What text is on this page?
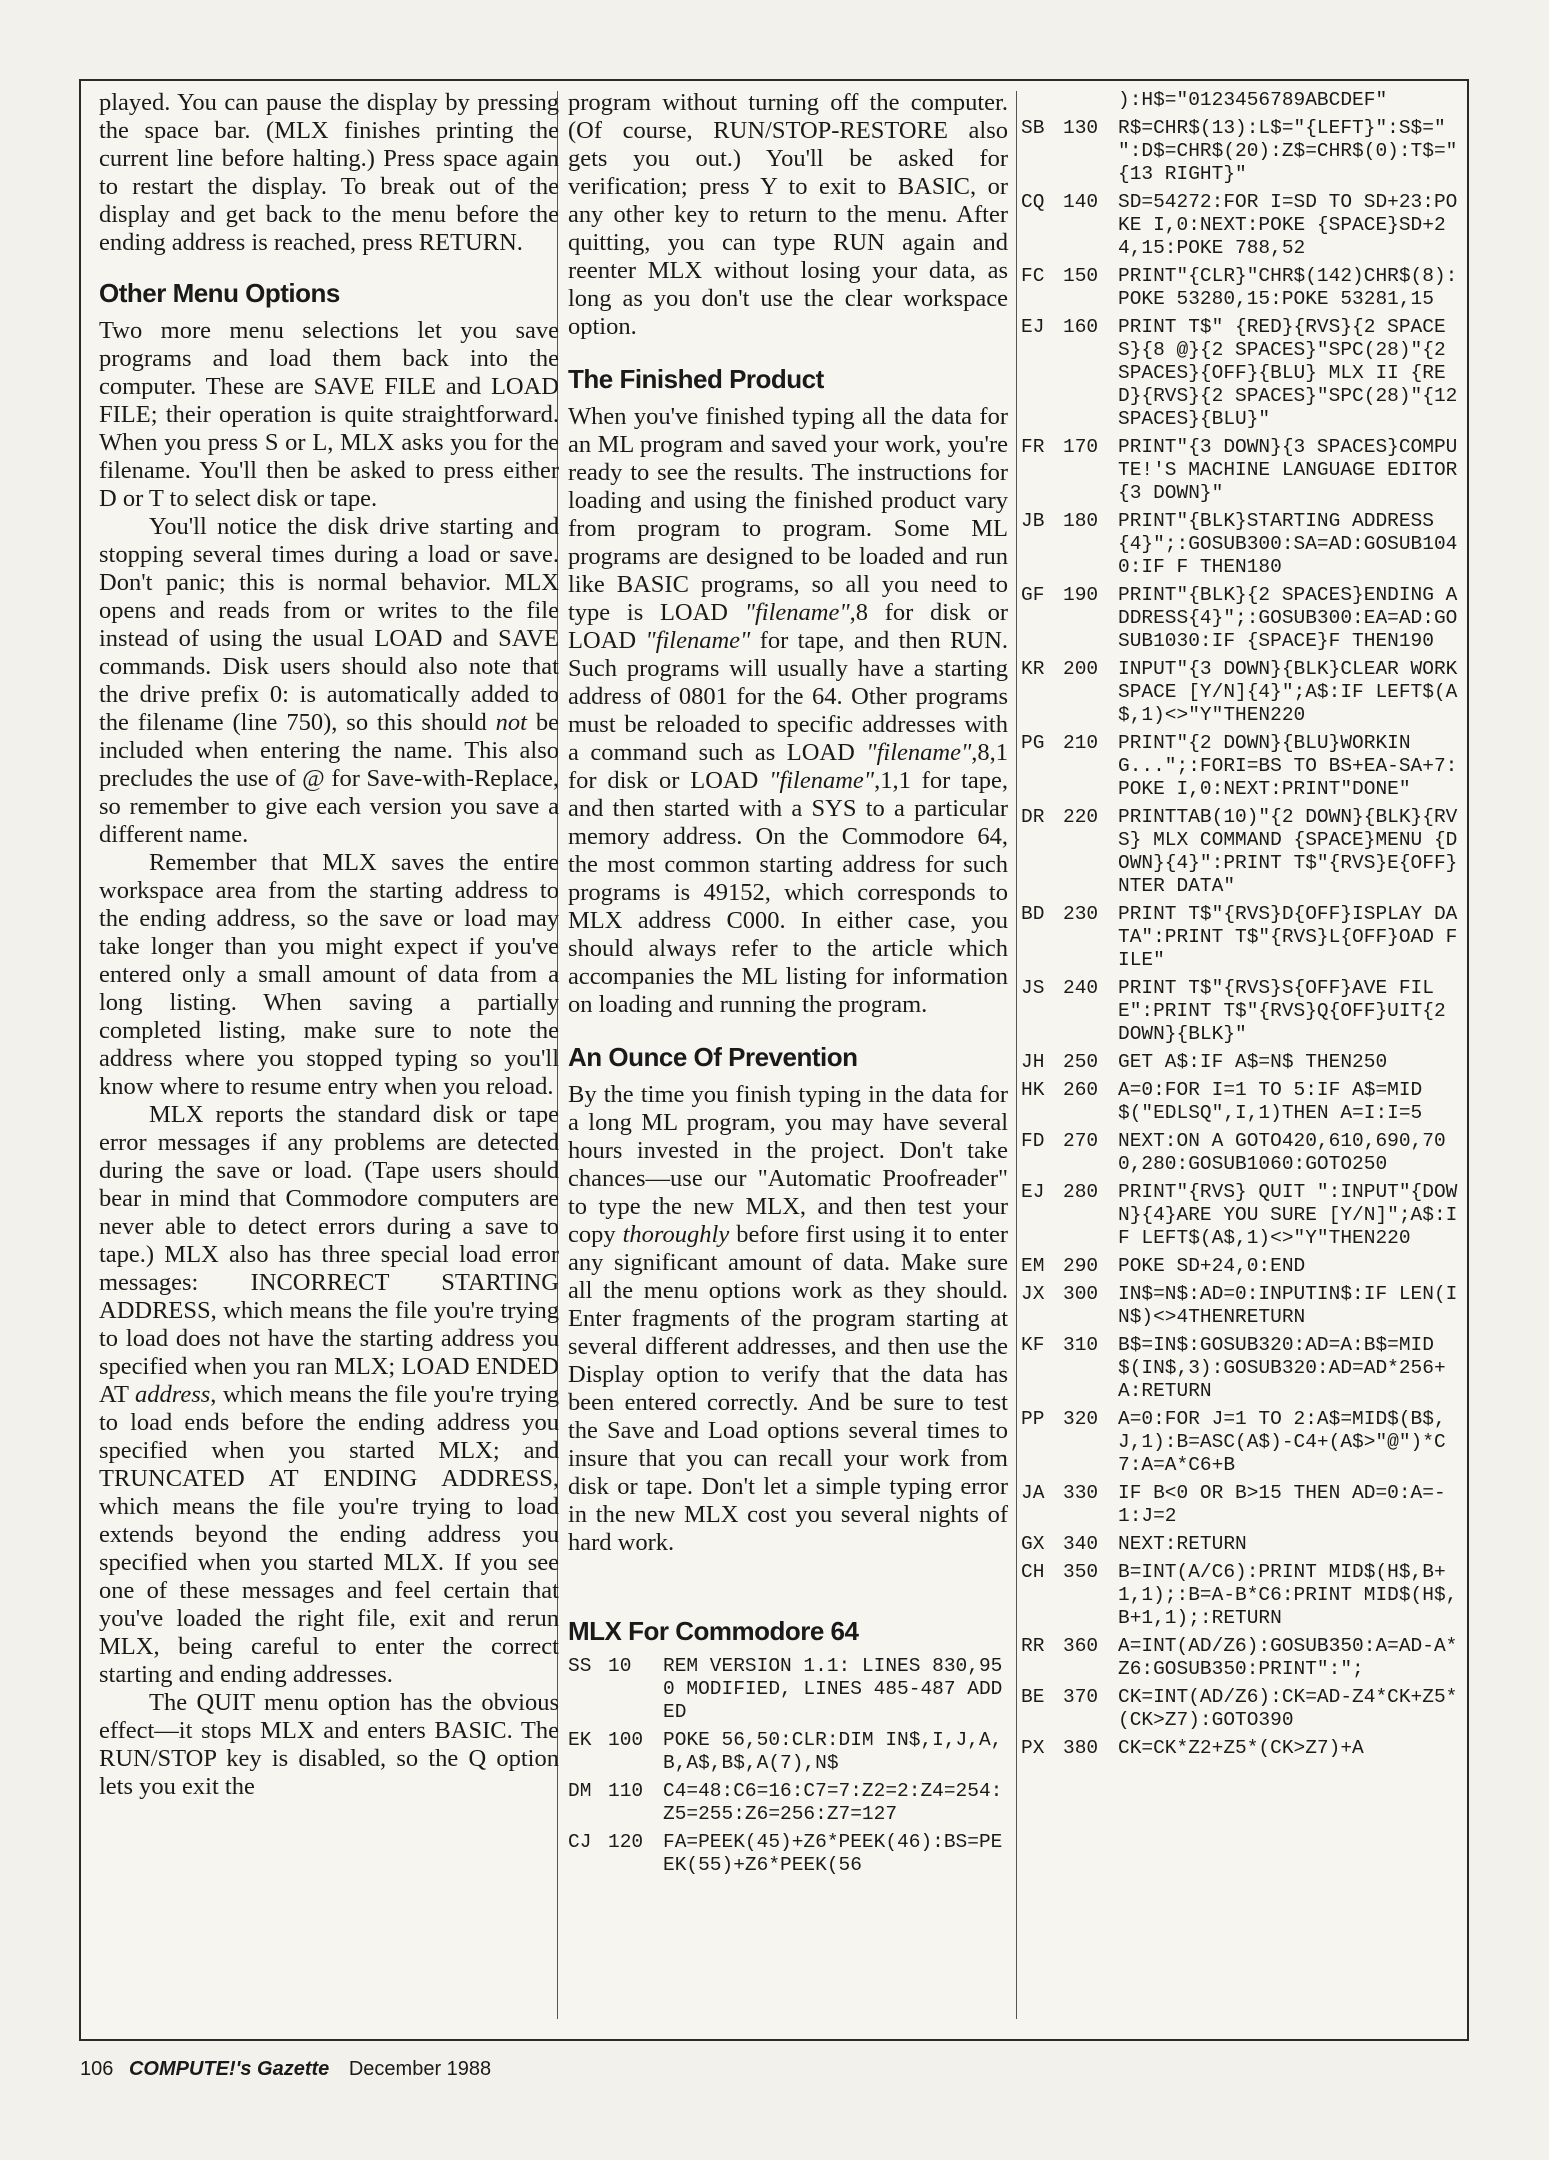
played. You can pause the display by pressing the space bar. (MLX finishes printing the current line before halting.) Press space again to restart the display. To break out of the display and get back to the menu before the ending address is reached, press RETURN.

Other Menu Options

Two more menu selections let you save programs and load them back into the computer. These are SAVE FILE and LOAD FILE; their operation is quite straightforward. When you press S or L, MLX asks you for the filename. You'll then be asked to press either D or T to select disk or tape.

You'll notice the disk drive starting and stopping several times during a load or save. Don't panic; this is normal behavior. MLX opens and reads from or writes to the file instead of using the usual LOAD and SAVE commands. Disk users should also note that the drive prefix 0: is automatically added to the filename (line 750), so this should not be included when entering the name. This also precludes the use of @ for Save-with-Replace, so remember to give each version you save a different name.

Remember that MLX saves the entire workspace area from the starting address to the ending address, so the save or load may take longer than you might expect if you've entered only a small amount of data from a long listing. When saving a partially completed listing, make sure to note the address where you stopped typing so you'll know where to resume entry when you reload.

MLX reports the standard disk or tape error messages if any problems are detected during the save or load. (Tape users should bear in mind that Commodore computers are never able to detect errors during a save to tape.) MLX also has three special load error messages: INCORRECT STARTING ADDRESS, which means the file you're trying to load does not have the starting address you specified when you ran MLX; LOAD ENDED AT address, which means the file you're trying to load ends before the ending address you specified when you started MLX; and TRUNCATED AT ENDING ADDRESS, which means the file you're trying to load extends beyond the ending address you specified when you started MLX. If you see one of these messages and feel certain that you've loaded the right file, exit and rerun MLX, being careful to enter the correct starting and ending addresses.

The QUIT menu option has the obvious effect—it stops MLX and enters BASIC. The RUN/STOP key is disabled, so the Q option lets you exit the

program without turning off the computer. (Of course, RUN/STOP-RESTORE also gets you out.) You'll be asked for verification; press Y to exit to BASIC, or any other key to return to the menu. After quitting, you can type RUN again and reenter MLX without losing your data, as long as you don't use the clear workspace option.

The Finished Product

When you've finished typing all the data for an ML program and saved your work, you're ready to see the results. The instructions for loading and using the finished product vary from program to program. Some ML programs are designed to be loaded and run like BASIC programs, so all you need to type is LOAD "filename",8 for disk or LOAD "filename" for tape, and then RUN. Such programs will usually have a starting address of 0801 for the 64. Other programs must be reloaded to specific addresses with a command such as LOAD "filename",8,1 for disk or LOAD "filename",1,1 for tape, and then started with a SYS to a particular memory address. On the Commodore 64, the most common starting address for such programs is 49152, which corresponds to MLX address C000. In either case, you should always refer to the article which accompanies the ML listing for information on loading and running the program.

An Ounce Of Prevention

By the time you finish typing in the data for a long ML program, you may have several hours invested in the project. Don't take chances—use our "Automatic Proofreader" to type the new MLX, and then test your copy thoroughly before first using it to enter any significant amount of data. Make sure all the menu options work as they should. Enter fragments of the program starting at several different addresses, and then use the Display option to verify that the data has been entered correctly. And be sure to test the Save and Load options several times to insure that you can recall your work from disk or tape. Don't let a simple typing error in the new MLX cost you several nights of hard work.

MLX For Commodore 64
SS 10	REM VERSION 1.1: LINES 830,950 MODIFIED, LINES 485-487 ADDED
EK 100	POKE 56,50:CLR:DIM IN$,I,J,A,B,A$,B$,A(7),N$
DM 110	C4=48:C6=16:C7=7:Z2=2:Z4=254:Z5=255:Z6=256:Z7=127
CJ 120	FA=PEEK(45)+Z6*PEEK(46):BS=PEEK(55)+Z6*PEEK(56
):H$="0123456789ABCDEF"
SB 130	R$=CHR$(13):L$="{LEFT}":S$=" ":D$=CHR$(20):Z$=CHR$(0):T$="{13 RIGHT}"
CQ 140	SD=54272:FOR I=SD TO SD+23:POKE I,0:NEXT:POKE {SPACE}SD+24,15:POKE 788,52
FC 150	PRINT"{CLR}"CHR$(142)CHR$(8):POKE 53280,15:POKE 53281,15
EJ 160	PRINT T$" {RED}{RVS}{2 SPACES}{8 @}{2 SPACES}"SPC(28)"{2 SPACES}{OFF}{BLU} MLX II {RED}{RVS}{2 SPACES}"SPC(28)"{12 SPACES}{BLU}"
FR 170	PRINT"{3 DOWN}{3 SPACES}COMPUTE!'S MACHINE LANGUAGE EDITOR {3 DOWN}"
JB 180	PRINT"{BLK}STARTING ADDRESS{4}";:GOSUB300:SA=AD:GOSUB1040:IF F THEN180
GF 190	PRINT"{BLK}{2 SPACES}ENDING ADDRESS{4}";:GOSUB300:EA=AD:GOSUB1030:IF {SPACE}F THEN190
KR 200	INPUT"{3 DOWN}{BLK}CLEAR WORKSPACE [Y/N]{4}";A$:IF LEFT$(A$,1)<>"Y"THEN220
PG 210	PRINT"{2 DOWN}{BLU}WORKING...";:FORI=BS TO BS+EA-SA+7:POKE I,0:NEXT:PRINT"DONE"
DR 220	PRINTTAB(10)"{2 DOWN}{BLK}{RVS} MLX COMMAND {SPACE}MENU {DOWN}{4}":PRINT T$"{RVS}E{OFF}NTER DATA"
BD 230	PRINT T$"{RVS}D{OFF}ISPLAY DATA":PRINT T$"{RVS}L{OFF}OAD FILE"
JS 240	PRINT T$"{RVS}S{OFF}AVE FILE":PRINT T$"{RVS}Q{OFF}UIT{2 DOWN}{BLK}"
JH 250	GET A$:IF A$=N$ THEN250
HK 260	A=0:FOR I=1 TO 5:IF A$=MID$("EDLSQ",I,1)THEN A=I:I=5
FD 270	NEXT:ON A GOTO420,610,690,700,280:GOSUB1060:GOTO250
EJ 280	PRINT"{RVS} QUIT ":INPUT"{DOWN}{4}ARE YOU SURE [Y/N]";A$:IF LEFT$(A$,1)<>"Y"THEN220
EM 290	POKE SD+24,0:END
JX 300	IN$=N$:AD=0:INPUTIN$:IF LEN(IN$)<>4THENRETURN
KF 310	B$=IN$:GOSUB320:AD=A:B$=MID$(IN$,3):GOSUB320:AD=AD*256+A:RETURN
PP 320	A=0:FOR J=1 TO 2:A$=MID$(B$,J,1):B=ASC(A$)-C4+(A$>"@")*C7:A=A*C6+B
JA 330	IF B<0 OR B>15 THEN AD=0:A=-1:J=2
GX 340	NEXT:RETURN
CH 350	B=INT(A/C6):PRINT MID$(H$,B+1,1);:B=A-B*C6:PRINT MID$(H$,B+1,1);:RETURN
RR 360	A=INT(AD/Z6):GOSUB350:A=AD-A*Z6:GOSUB350:PRINT":";
BE 370	CK=INT(AD/Z6):CK=AD-Z4*CK+Z5*(CK>Z7):GOTO390
PX 380	CK=CK*Z2+Z5*(CK>Z7)+A
106 COMPUTE!'s Gazette December 1988
